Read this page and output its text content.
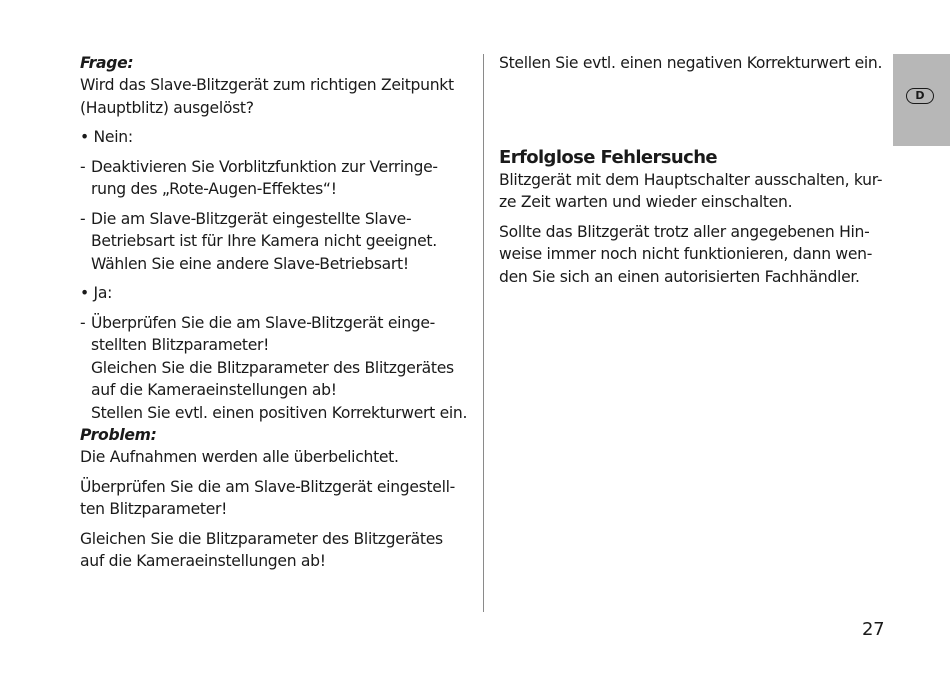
Frage:

Wird das Slave-Blitzgerät zum richtigen Zeitpunkt
(Hauptblitz) ausgelöst?

• Nein:

- Deaktivieren Sie Vorblitzfunktion zur Verringe-
rung des „Rote-Augen-Effektes“!
- Die am Slave-Blitzgerät eingestellte Slave-
Betriebsart ist für Ihre Kamera nicht geeignet.
Wählen Sie eine andere Slave-Betriebsart!

• Ja:

- Überprüfen Sie die am Slave-Blitzgerät einge-
stellten Blitzparameter!
Gleichen Sie die Blitzparameter des Blitzgerätes
auf die Kameraeinstellungen ab!
Stellen Sie evtl. einen positiven Korrekturwert ein.

Problem:

Die Aufnahmen werden alle überbelichtet.

Überprüfen Sie die am Slave-Blitzgerät eingestell-
ten Blitzparameter!

Gleichen Sie die Blitzparameter des Blitzgerätes
auf die Kameraeinstellungen ab!

Stellen Sie evtl. einen negativen Korrekturwert ein.

Erfolglose Fehlersuche

Blitzgerät mit dem Hauptschalter ausschalten, kur-
ze Zeit warten und wieder einschalten.

Sollte das Blitzgerät trotz aller angegebenen Hin-
weise immer noch nicht funktionieren, dann wen-
den Sie sich an einen autorisierten Fachhändler.

D
27
